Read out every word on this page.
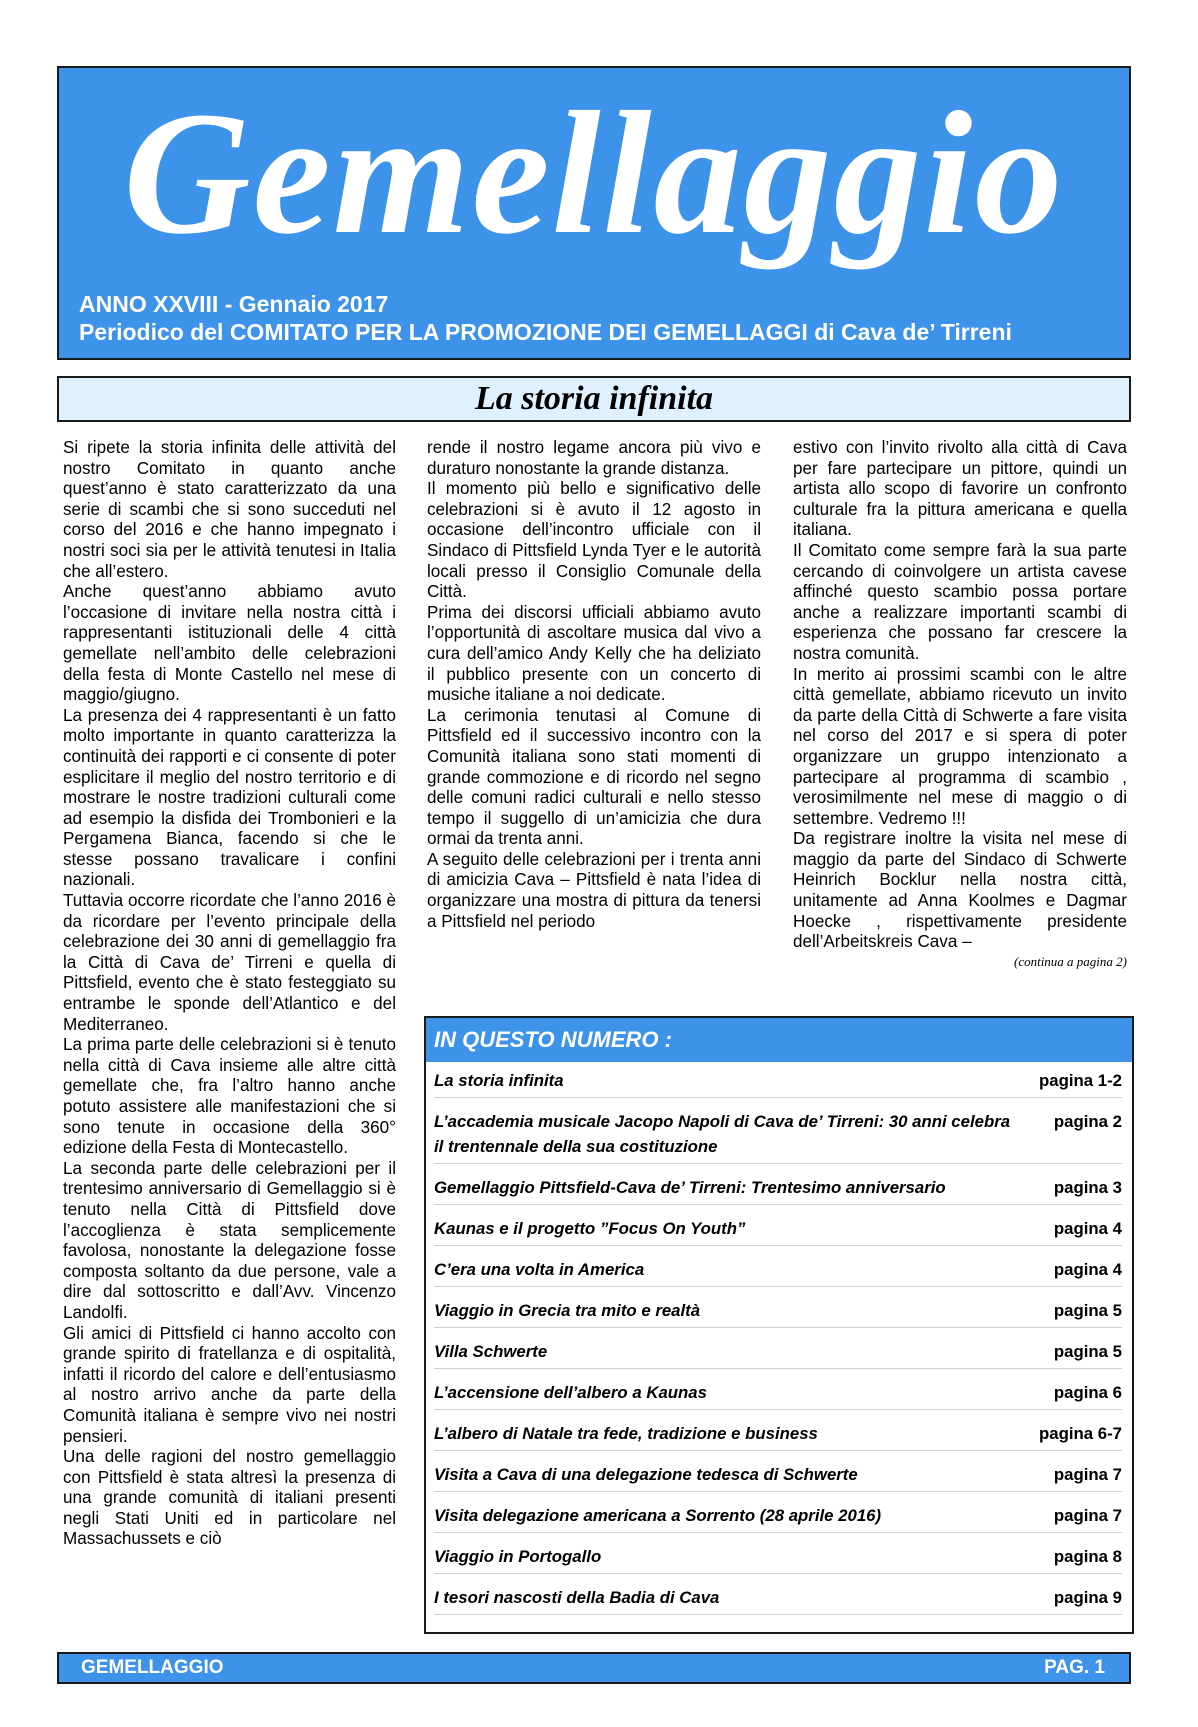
Gemellaggio
ANNO XXVIII - Gennaio 2017
Periodico del COMITATO PER LA PROMOZIONE DEI GEMELLAGGI di Cava de’ Tirreni
La storia infinita

Si ripete la storia infinita delle attività del nostro Comitato in quanto anche quest’anno è stato caratterizzato da una serie di scambi che si sono succeduti nel corso del 2016 e che hanno impegnato i nostri soci sia per le attività tenutesi in Italia che all’estero.

Anche quest’anno abbiamo avuto l’occasione di invitare nella nostra città i rappresentanti istituzionali delle 4 città gemellate nell’ambito delle celebrazioni della festa di Monte Castello nel mese di maggio/giugno.

La presenza dei 4 rappresentanti è un fatto molto importante in quanto caratterizza la continuità dei rapporti e ci consente di poter esplicitare il meglio del nostro territorio e di mostrare le nostre tradizioni culturali come ad esempio la disfida dei Trombonieri e la Pergamena Bianca, facendo si che le stesse possano travalicare i confini nazionali.

Tuttavia occorre ricordate che l’anno 2016 è da ricordare per l’evento principale della celebrazione dei 30 anni di gemellaggio fra la Città di Cava de’ Tirreni e quella di Pittsfield, evento che è stato festeggiato su entrambe le sponde dell’Atlantico e del Mediterraneo.

La prima parte delle celebrazioni si è tenuto nella città di Cava insieme alle altre città gemellate che, fra l’altro hanno anche potuto assistere alle manifestazioni che si sono tenute in occasione della 360° edizione della Festa di Montecastello.

La seconda parte delle celebrazioni per il trentesimo anniversario di Gemellaggio si è tenuto nella Città di Pittsfield dove l’accoglienza è stata semplicemente favolosa, nonostante la delegazione fosse composta soltanto da due persone, vale a dire dal sottoscritto e dall’Avv. Vincenzo Landolfi.

Gli amici di Pittsfield ci hanno accolto con grande spirito di fratellanza e di ospitalità, infatti il ricordo del calore e dell’entusiasmo al nostro arrivo anche da parte della Comunità italiana è sempre vivo nei nostri pensieri.

Una delle ragioni del nostro gemellaggio con Pittsfield è stata altresì la presenza di una grande comunità di italiani presenti negli Stati Uniti ed in particolare nel Massachussets e ciò

rende il nostro legame ancora più vivo e duraturo nonostante la grande distanza.

Il momento più bello e significativo delle celebrazioni si è avuto il 12 agosto in occasione dell’incontro ufficiale con il Sindaco di Pittsfield Lynda Tyer e le autorità locali presso il Consiglio Comunale della Città.

Prima dei discorsi ufficiali abbiamo avuto l’opportunità di ascoltare musica dal vivo a cura dell’amico Andy Kelly che ha deliziato il pubblico presente con un concerto di musiche italiane a noi dedicate.

La cerimonia tenutasi al Comune di Pittsfield ed il successivo incontro con la Comunità italiana sono stati momenti di grande commozione e di ricordo nel segno delle comuni radici culturali e nello stesso tempo il suggello di un’amicizia che dura ormai da trenta anni.

A seguito delle celebrazioni per i trenta anni di amicizia Cava – Pittsfield è nata l’idea di organizzare una mostra di pittura da tenersi a Pittsfield nel periodo

estivo con l’invito rivolto alla città di Cava per fare partecipare un pittore, quindi un artista allo scopo di favorire un confronto culturale fra la pittura americana e quella italiana.

Il Comitato come sempre farà la sua parte cercando di coinvolgere un artista cavese affinché questo scambio possa portare anche a realizzare importanti scambi di esperienza che possano far crescere la nostra comunità.

In merito ai prossimi scambi con le altre città gemellate, abbiamo ricevuto un invito da parte della Città di Schwerte a fare visita nel corso del 2017 e si spera di poter organizzare un gruppo intenzionato a partecipare al programma di scambio , verosimilmente nel mese di maggio o di settembre. Vedremo !!!

Da registrare inoltre la visita nel mese di maggio da parte del Sindaco di Schwerte Heinrich Bocklur nella nostra città, unitamente ad Anna Koolmes e Dagmar Hoecke , rispettivamente presidente dell’Arbeitskreis Cava –

(continua a pagina 2)
IN QUESTO NUMERO :
La storia infinita	pagina 1-2
L’accademia musicale Jacopo Napoli di Cava de’ Tirreni: 30 anni celebra il trentennale della sua costituzione
pagina 2
Gemellaggio Pittsfield-Cava de’ Tirreni: Trentesimo anniversario	pagina 3
Kaunas e il progetto ”Focus On Youth”	pagina 4
C’era una volta in America	pagina 4
Viaggio in Grecia tra mito e realtà	pagina 5
Villa Schwerte	pagina 5
L’accensione dell’albero a Kaunas	pagina 6
L’albero di Natale tra fede, tradizione e business	pagina 6-7
Visita a Cava di una delegazione tedesca di Schwerte	pagina 7
Visita delegazione americana a Sorrento (28 aprile 2016)	pagina 7
Viaggio in Portogallo	pagina 8
I tesori nascosti della Badia di Cava	pagina 9
GEMELLAGGIO	PAG. 1
